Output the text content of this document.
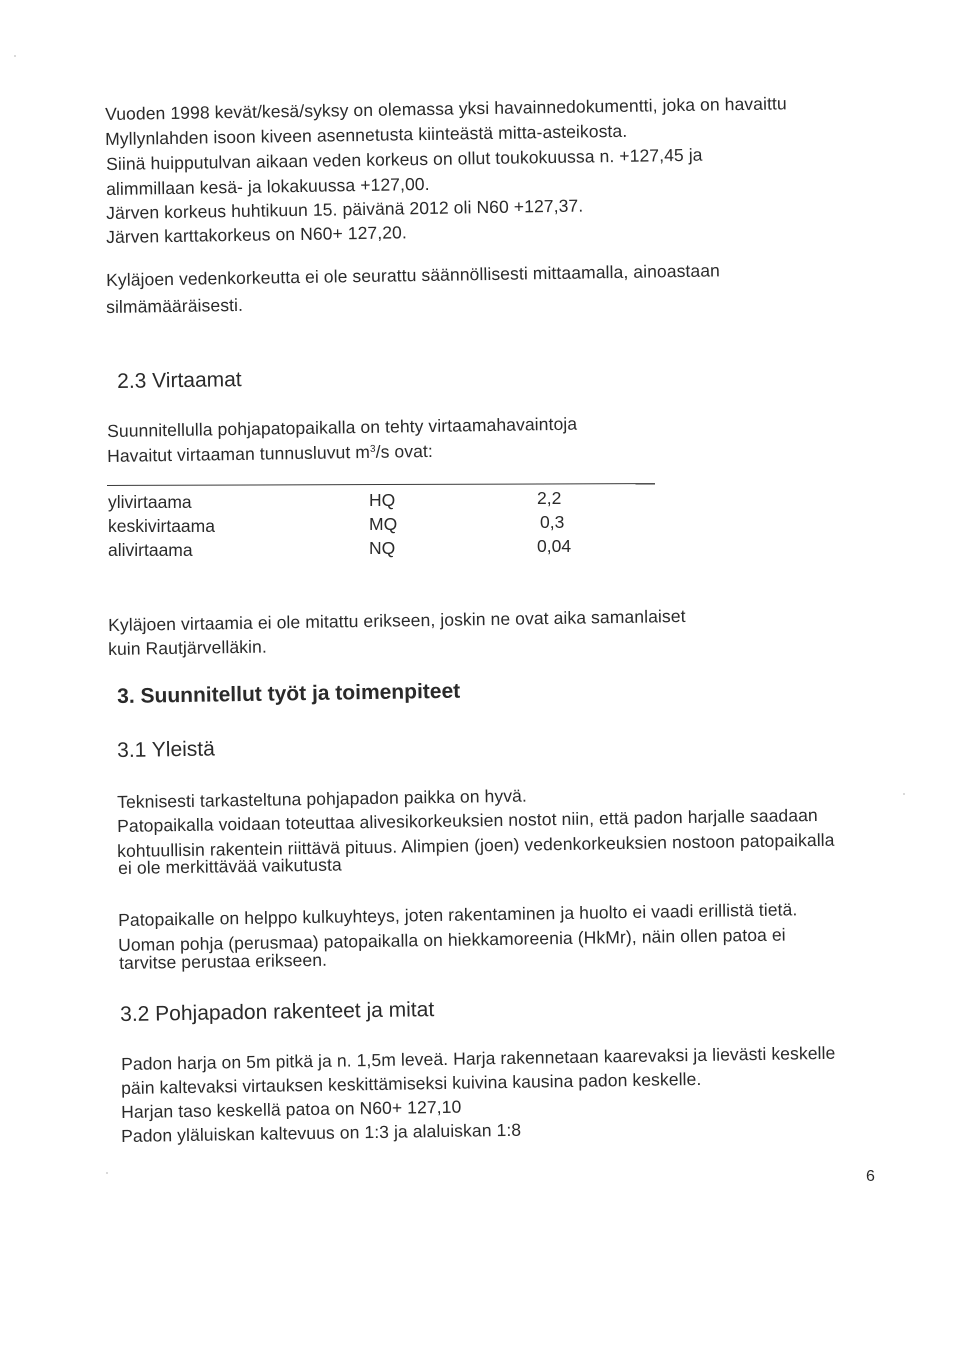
Vuoden 1998 kevät/kesä/syksy on olemassa yksi havainnedokumentti, joka on havaittu
Myllynlahden isoon kiveen asennetusta kiinteästä mitta-asteikosta.
Siinä huipputulvan aikaan veden korkeus on ollut toukokuussa n. +127,45 ja
alimmillaan kesä- ja lokakuussa +127,00.
Järven korkeus huhtikuun 15. päivänä 2012 oli N60 +127,37.
Järven karttakorkeus on N60+ 127,20.
Kyläjoen vedenkorkeutta ei ole seurattu säännöllisesti mittaamalla, ainoastaan
silmämääräisesti.
2.3 Virtaamat
Suunnitellulla pohjapatopaikalla on tehty virtaamahavaintoja
Havaitut virtaaman tunnusluvut $m^3/s$ ovat:
ylivirtaama	HQ	2,2
keskivirtaama	MQ	0,3
alivirtaama	NQ	0,04
Kyläjoen virtaamia ei ole mitattu erikseen, joskin ne ovat aika samanlaiset
kuin Rautjärvelläkin.
3. Suunnitellut työt ja toimenpiteet
3.1 Yleistä
Teknisesti tarkasteltuna pohjapadon paikka on hyvä.
Patopaikalla voidaan toteuttaa alivesikorkeuksien nostot niin, että padon harjalle saadaan
kohtuullisin rakentein riittävä pituus. Alimpien (joen) vedenkorkeuksien nostoon patopaikalla
ei ole merkittävää vaikutusta
Patopaikalle on helppo kulkuyhteys, joten rakentaminen ja huolto ei vaadi erillistä tietä.
Uoman pohja (perusmaa) patopaikalla on hiekkamoreenia (HkMr), näin ollen patoa ei
tarvitse perustaa erikseen.
3.2 Pohjapadon rakenteet ja mitat
Padon harja on 5m pitkä ja n. 1,5m leveä. Harja rakennetaan kaarevaksi ja lievästi keskelle
päin kaltevaksi virtauksen keskittämiseksi kuivina kausina padon keskelle.
Harjan taso keskellä patoa on N60+ 127,10
Padon yläluiskan kaltevuus on 1:3 ja alaluiskan 1:8
6
